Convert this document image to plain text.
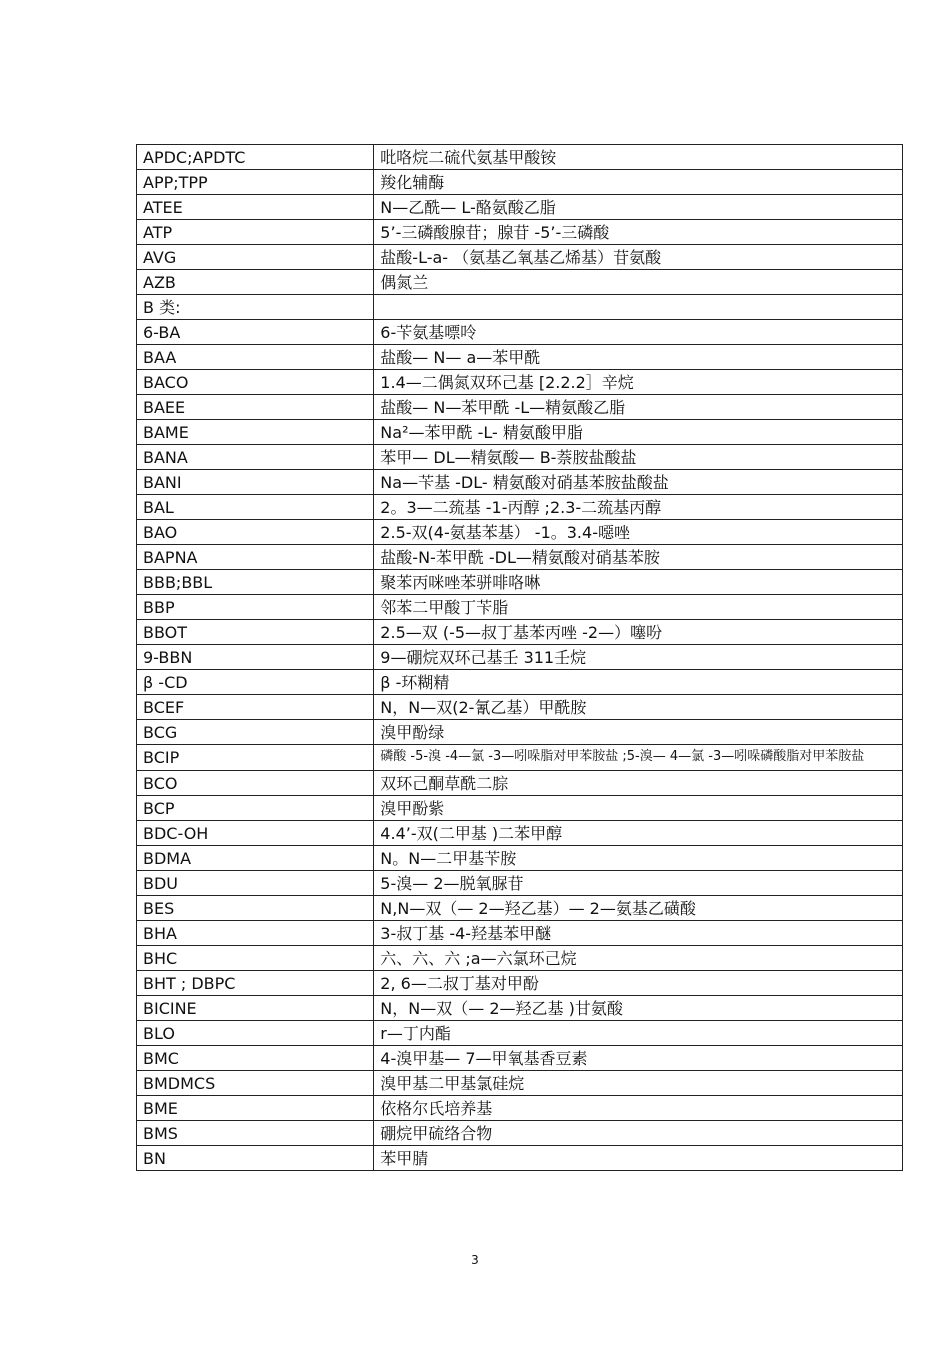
APDC;APDTC	吡咯烷二硫代氨基甲酸铵
APP;TPP	羧化辅酶
ATEE	N—乙酰— L-酪氨酸乙脂
ATP	5’-三磷酸腺苷；腺苷 -5’-三磷酸
AVG	盐酸-L-a- （氨基乙氧基乙烯基）苷氨酸
AZB	偶氮兰
B 类:	
6-BA	6-苄氨基嘌呤
BAA	盐酸— N— a—苯甲酰
BACO	1.4—二偶氮双环己基 [2.2.2］辛烷
BAEE	盐酸— N—苯甲酰 -L—精氨酸乙脂
BAME	Na²—苯甲酰 -L- 精氨酸甲脂
BANA	苯甲— DL—精氨酸— B-萘胺盐酸盐
BANI	Na—苄基 -DL- 精氨酸对硝基苯胺盐酸盐
BAL	2。3—二巯基 -1-丙醇 ;2.3-二巯基丙醇
BAO	2.5-双(4-氨基苯基） -1。3.4-噁唑
BAPNA	盐酸-N-苯甲酰 -DL—精氨酸对硝基苯胺
BBB;BBL	聚苯丙咪唑苯骈啡咯啉
BBP	邻苯二甲酸丁苄脂
BBOT	2.5—双 (-5—叔丁基苯丙唑 -2—）噻吩
9-BBN	9—硼烷双环己基壬 311壬烷
β -CD	β -环糊精
BCEF	N，N—双(2-氰乙基）甲酰胺
BCG	溴甲酚绿
BCIP	磷酸 -5-溴 -4—氯 -3—吲哚脂对甲苯胺盐 ;5-溴— 4—氯 -3—吲哚磷酸脂对甲苯胺盐
BCO	双环己酮草酰二腙
BCP	溴甲酚紫
BDC-OH	4.4’-双(二甲基 )二苯甲醇
BDMA	N。N—二甲基苄胺
BDU	5-溴— 2—脱氧脲苷
BES	N,N—双（— 2—羟乙基）— 2—氨基乙磺酸
BHA	3-叔丁基 -4-羟基苯甲醚
BHC	六、六、六 ;a—六氯环己烷
BHT ; DBPC	2, 6—二叔丁基对甲酚
BICINE	N，N—双（— 2—羟乙基 )甘氨酸
BLO	r—丁内酯
BMC	4-溴甲基— 7—甲氧基香豆素
BMDMCS	溴甲基二甲基氯硅烷
BME	依格尔氏培养基
BMS	硼烷甲硫络合物
BN	苯甲腈
3
